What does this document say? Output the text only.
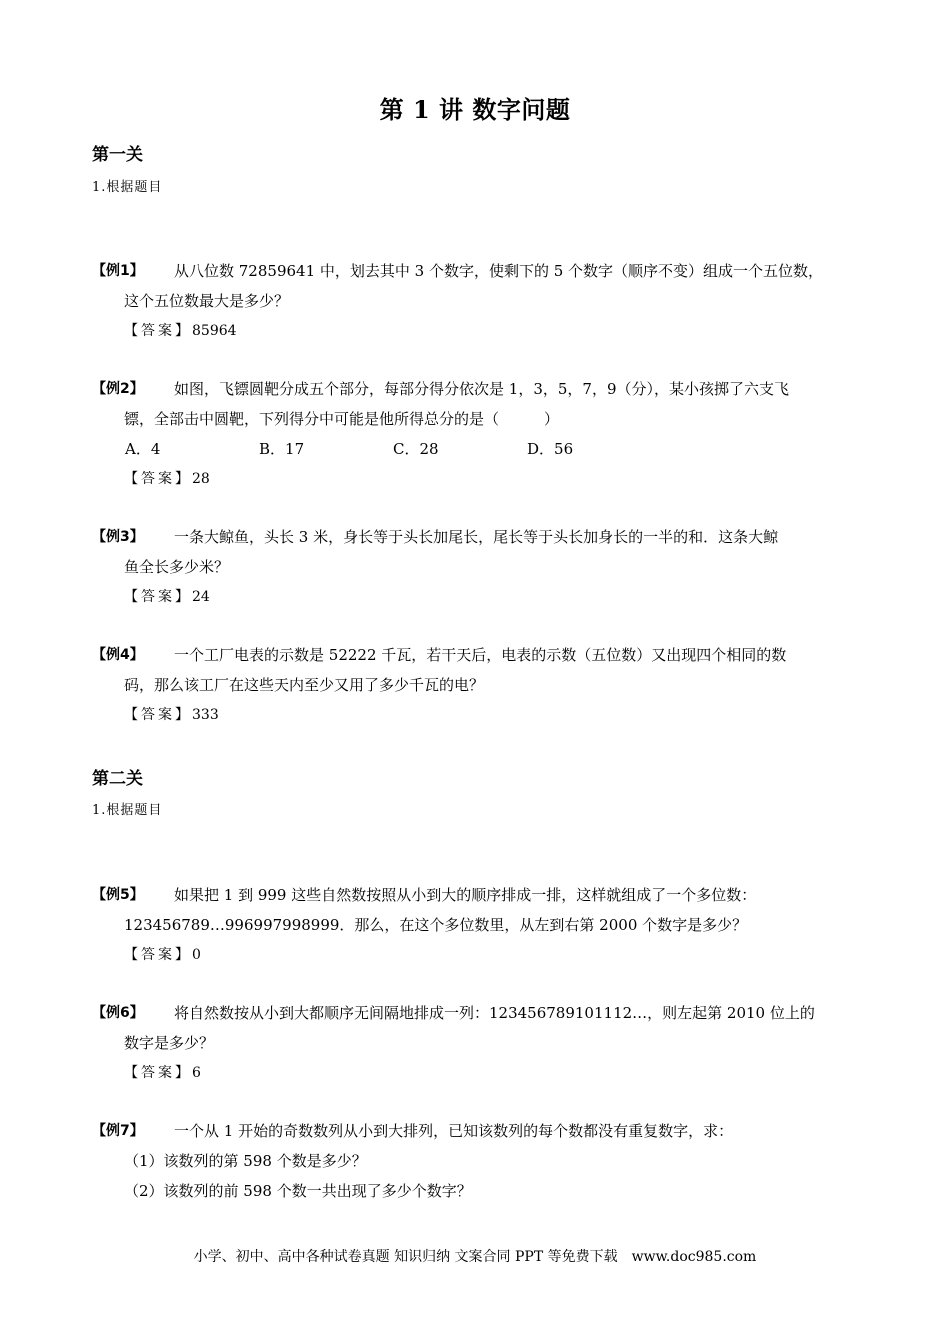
第 1 讲 数字问题
第一关
1.根据题目
【例1】	从八位数 72859641 中，划去其中 3 个数字，使剩下的 5 个数字（顺序不变）组成一个五位数，
这个五位数最大是多少？
【答案】85964
【例2】	如图，飞镖圆靶分成五个部分，每部分得分依次是 1，3，5，7，9（分），某小孩掷了六支飞
镖，全部击中圆靶，下列得分中可能是他所得总分的是（　　　）
A．4	B．17	C．28	D．56
【答案】28
【例3】	一条大鲸鱼，头长 3 米，身长等于头长加尾长，尾长等于头长加身长的一半的和．这条大鲸
鱼全长多少米？
【答案】24
【例4】	一个工厂电表的示数是 52222 千瓦，若干天后，电表的示数（五位数）又出现四个相同的数
码，那么该工厂在这些天内至少又用了多少千瓦的电？
【答案】333
第二关
1.根据题目
【例5】	如果把 1 到 999 这些自然数按照从小到大的顺序排成一排，这样就组成了一个多位数：
123456789…996997998999．那么，在这个多位数里，从左到右第 2000 个数字是多少？
【答案】0
【例6】	将自然数按从小到大都顺序无间隔地排成一列：123456789101112…，则左起第 2010 位上的
数字是多少？
【答案】6
【例7】	一个从 1 开始的奇数数列从小到大排列，已知该数列的每个数都没有重复数字，求：
（1）该数列的第 598 个数是多少？
（2）该数列的前 598 个数一共出现了多少个数字？
小学、初中、高中各种试卷真题 知识归纳 文案合同 PPT 等免费下载　www.doc985.com
